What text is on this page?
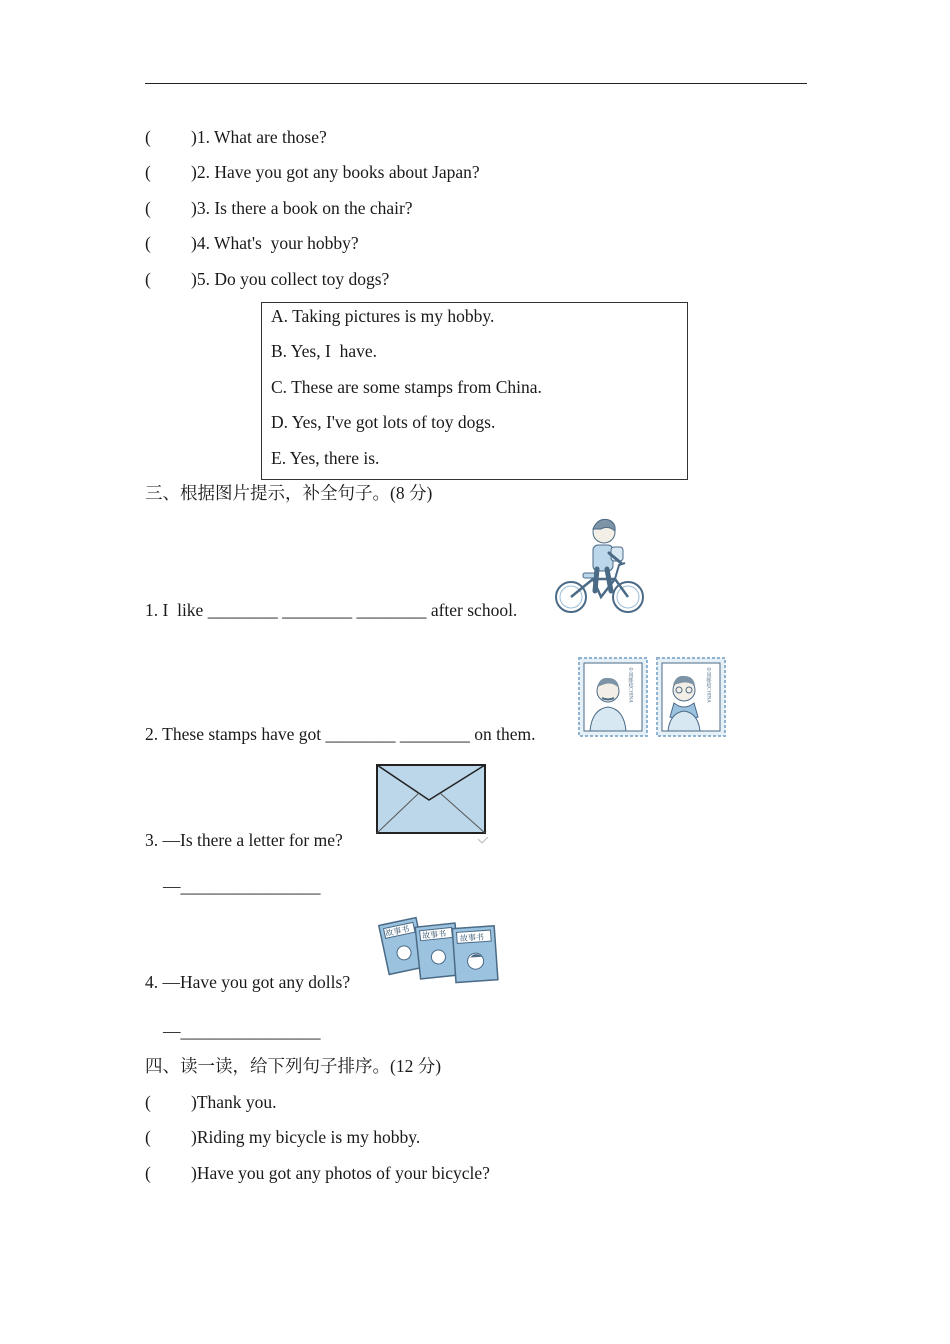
( )1. What are those?
( )2. Have you got any books about Japan?
( )3. Is there a book on the chair?
( )4. What's  your hobby?
( )5. Do you collect toy dogs?
A. Taking pictures is my hobby.
B. Yes, I  have.
C. These are some stamps from China.
D. Yes, I've got lots of toy dogs.
E. Yes, there is.
三、根据图片提示，补全句子。(8 分)
1. I  like ________ ________ ________ after school.
2. These stamps have got ________ ________ on them.
中国邮政CHINA	中国邮政CHINA
3. —Is there a letter for me?
—________________
4. —Have you got any dolls?
故事书 故事书 故事书
—________________
四、读一读，给下列句子排序。(12 分)
( )Thank you.
( )Riding my bicycle is my hobby.
( )Have you got any photos of your bicycle?
